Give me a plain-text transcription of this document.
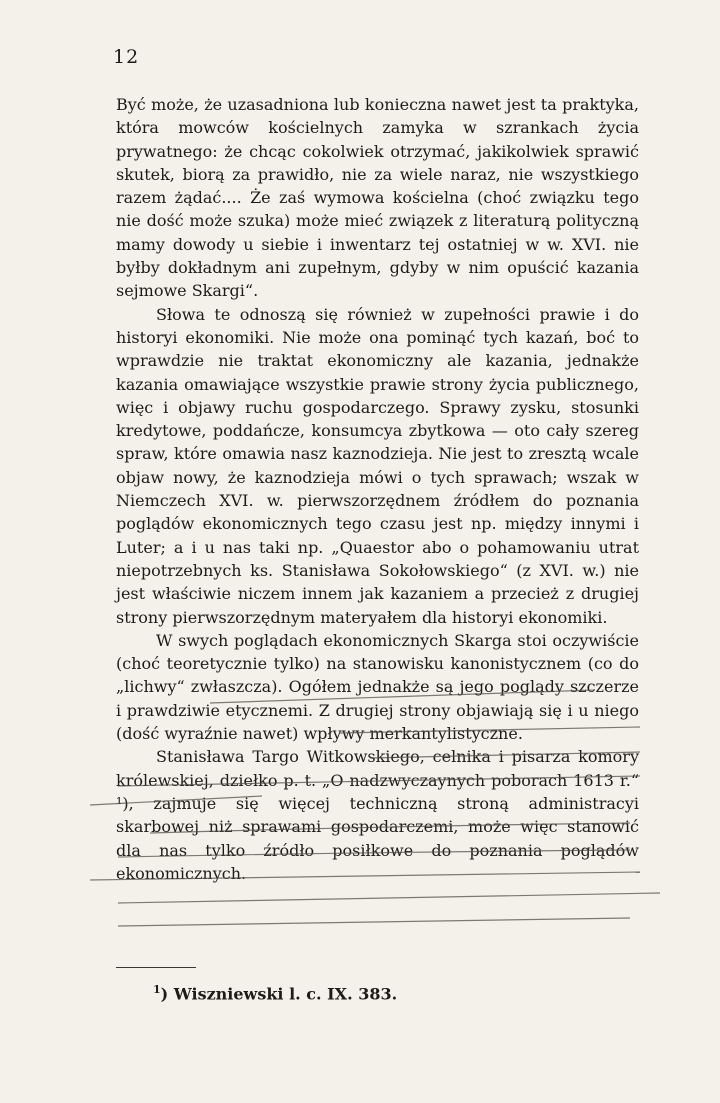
12

Być może, że uzasadniona lub konieczna nawet jest ta praktyka, która mowców kościelnych zamyka w szrankach życia prywatnego: że chcąc cokolwiek otrzymać, jakikolwiek sprawić skutek, biorą za prawidło, nie za wiele naraz, nie wszystkiego razem żądać.... Że zaś wymowa kościelna (choć związku tego nie dość może szuka) może mieć związek z literaturą polityczną mamy dowody u siebie i inwentarz tej ostatniej w w. XVI. nie byłby dokładnym ani zupełnym, gdyby w nim opuścić kazania sejmowe Skargi“.

Słowa te odnoszą się również w zupełności prawie i do historyi ekonomiki. Nie może ona pominąć tych kazań, boć to wprawdzie nie traktat ekonomiczny ale kazania, jednakże kazania omawiające wszystkie prawie strony życia publicznego, więc i objawy ruchu gospodarczego. Sprawy zysku, stosunki kredytowe, poddańcze, konsumcya zbytkowa — oto cały szereg spraw, które omawia nasz kaznodzieja. Nie jest to zresztą wcale objaw nowy, że kaznodzieja mówi o tych sprawach; wszak w Niemczech XVI. w. pierwszorzędnem źródłem do poznania poglądów ekonomicznych tego czasu jest np. między innymi i Luter; a i u nas taki np. „Quaestor abo o pohamowaniu utrat niepotrzebnych ks. Stanisława Sokołowskiego“ (z XVI. w.) nie jest właściwie niczem innem jak kazaniem a przecież z drugiej strony pierwszorzędnym materyałem dla historyi ekonomiki.

W swych poglądach ekonomicznych Skarga stoi oczywiście (choć teoretycznie tylko) na stanowisku kanonistycznem (co do „lichwy“ zwłaszcza). Ogółem jednakże są jego poglądy szczerze i prawdziwie etycznemi. Z drugiej strony objawiają się i u niego (dość wyraźnie nawet) wpływy merkantylistyczne.

Stanisława Targo Witkowskiego, celnika i pisarza komory królewskiej, dziełko p. t. „O nadzwyczaynych poborach 1613 r.“ ¹), zajmuje się więcej techniczną stroną administracyi skarbowej niż sprawami gospodarczemi, może więc stanowić dla nas tylko źródło posiłkowe do poznania poglądów ekonomicznych.

$^1$) Wiszniewski l. c. IX. 383.
